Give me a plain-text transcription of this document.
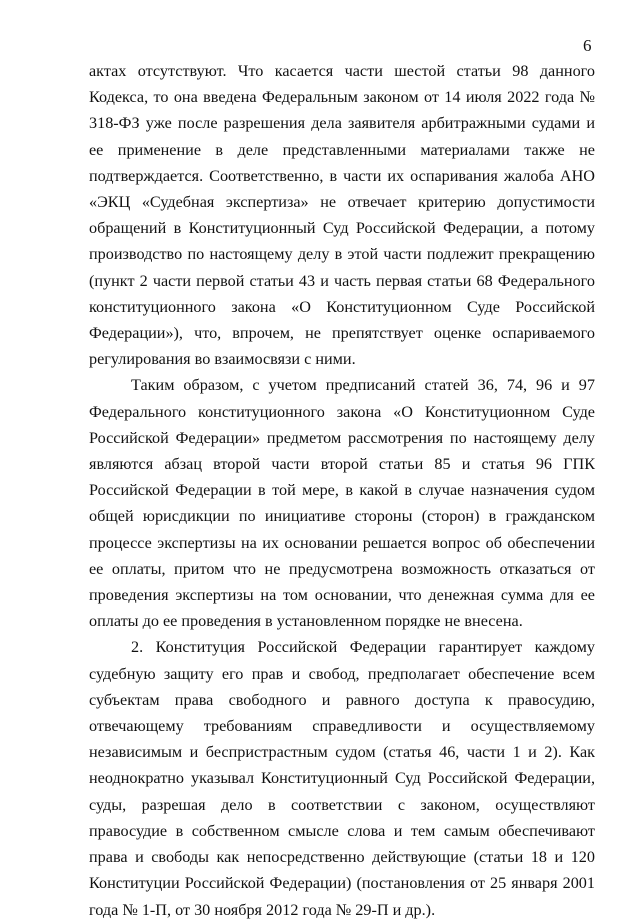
6

актах отсутствуют. Что касается части шестой статьи 98 данного Кодекса, то она введена Федеральным законом от 14 июля 2022 года № 318-ФЗ уже после разрешения дела заявителя арбитражными судами и ее применение в деле представленными материалами также не подтверждается. Соответственно, в части их оспаривания жалоба АНО «ЭКЦ «Судебная экспертиза» не отвечает критерию допустимости обращений в Конституционный Суд Российской Федерации, а потому производство по настоящему делу в этой части подлежит прекращению (пункт 2 части первой статьи 43 и часть первая статьи 68 Федерального конституционного закона «О Конституционном Суде Российской Федерации»), что, впрочем, не препятствует оценке оспариваемого регулирования во взаимосвязи с ними.

Таким образом, с учетом предписаний статей 36, 74, 96 и 97 Федерального конституционного закона «О Конституционном Суде Российской Федерации» предметом рассмотрения по настоящему делу являются абзац второй части второй статьи 85 и статья 96 ГПК Российской Федерации в той мере, в какой в случае назначения судом общей юрисдикции по инициативе стороны (сторон) в гражданском процессе экспертизы на их основании решается вопрос об обеспечении ее оплаты, притом что не предусмотрена возможность отказаться от проведения экспертизы на том основании, что денежная сумма для ее оплаты до ее проведения в установленном порядке не внесена.

2. Конституция Российской Федерации гарантирует каждому судебную защиту его прав и свобод, предполагает обеспечение всем субъектам права свободного и равного доступа к правосудию, отвечающему требованиям справедливости и осуществляемому независимым и беспристрастным судом (статья 46, части 1 и 2). Как неоднократно указывал Конституционный Суд Российской Федерации, суды, разрешая дело в соответствии с законом, осуществляют правосудие в собственном смысле слова и тем самым обеспечивают права и свободы как непосредственно действующие (статьи 18 и 120 Конституции Российской Федерации) (постановления от 25 января 2001 года № 1-П, от 30 ноября 2012 года № 29-П и др.).
